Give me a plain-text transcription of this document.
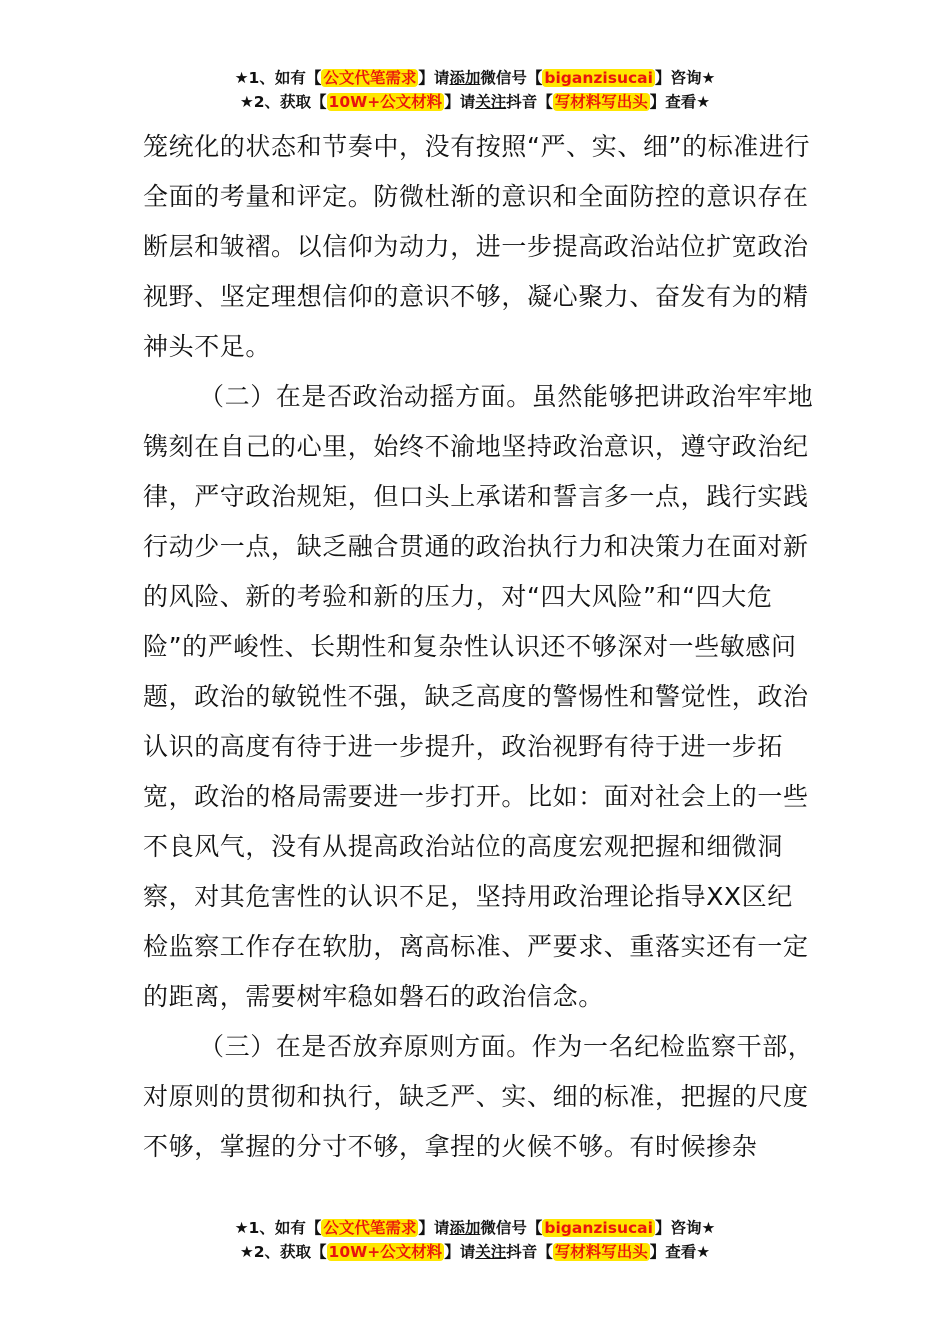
★1、如有【 公文代笔需求 】请添加微信号【 biganzisucai 】咨询★
★2、获取【 10W+公文材料 】请关注抖音【 写材料写出头 】查看★

笼统化的状态和节奏中，没有按照“严、实、细”的标准进行全面的考量和评定。防微杜渐的意识和全面防控的意识存在断层和皱褶。以信仰为动力，进一步提高政治站位扩宽政治视野、坚定理想信仰的意识不够，凝心聚力、奋发有为的精神头不足。

（二）在是否政治动摇方面。虽然能够把讲政治牢牢地镌刻在自己的心里，始终不渝地坚持政治意识，遵守政治纪律，严守政治规矩，但口头上承诺和誓言多一点，践行实践行动少一点，缺乏融合贯通的政治执行力和决策力在面对新的风险、新的考验和新的压力，对“四大风险”和“四大危险”的严峻性、长期性和复杂性认识还不够深对一些敏感问题，政治的敏锐性不强，缺乏高度的警惕性和警觉性，政治认识的高度有待于进一步提升，政治视野有待于进一步拓宽，政治的格局需要进一步打开。比如：面对社会上的一些不良风气，没有从提高政治站位的高度宏观把握和细微洞察，对其危害性的认识不足，坚持用政治理论指导XX区纪检监察工作存在软肋，离高标准、严要求、重落实还有一定的距离，需要树牢稳如磐石的政治信念。

（三）在是否放弃原则方面。作为一名纪检监察干部，对原则的贯彻和执行，缺乏严、实、细的标准，把握的尺度不够，掌握的分寸不够，拿捏的火候不够。有时候掺杂

★1、如有【 公文代笔需求 】请添加微信号【 biganzisucai 】咨询★
★2、获取【 10W+公文材料 】请关注抖音【 写材料写出头 】查看★
